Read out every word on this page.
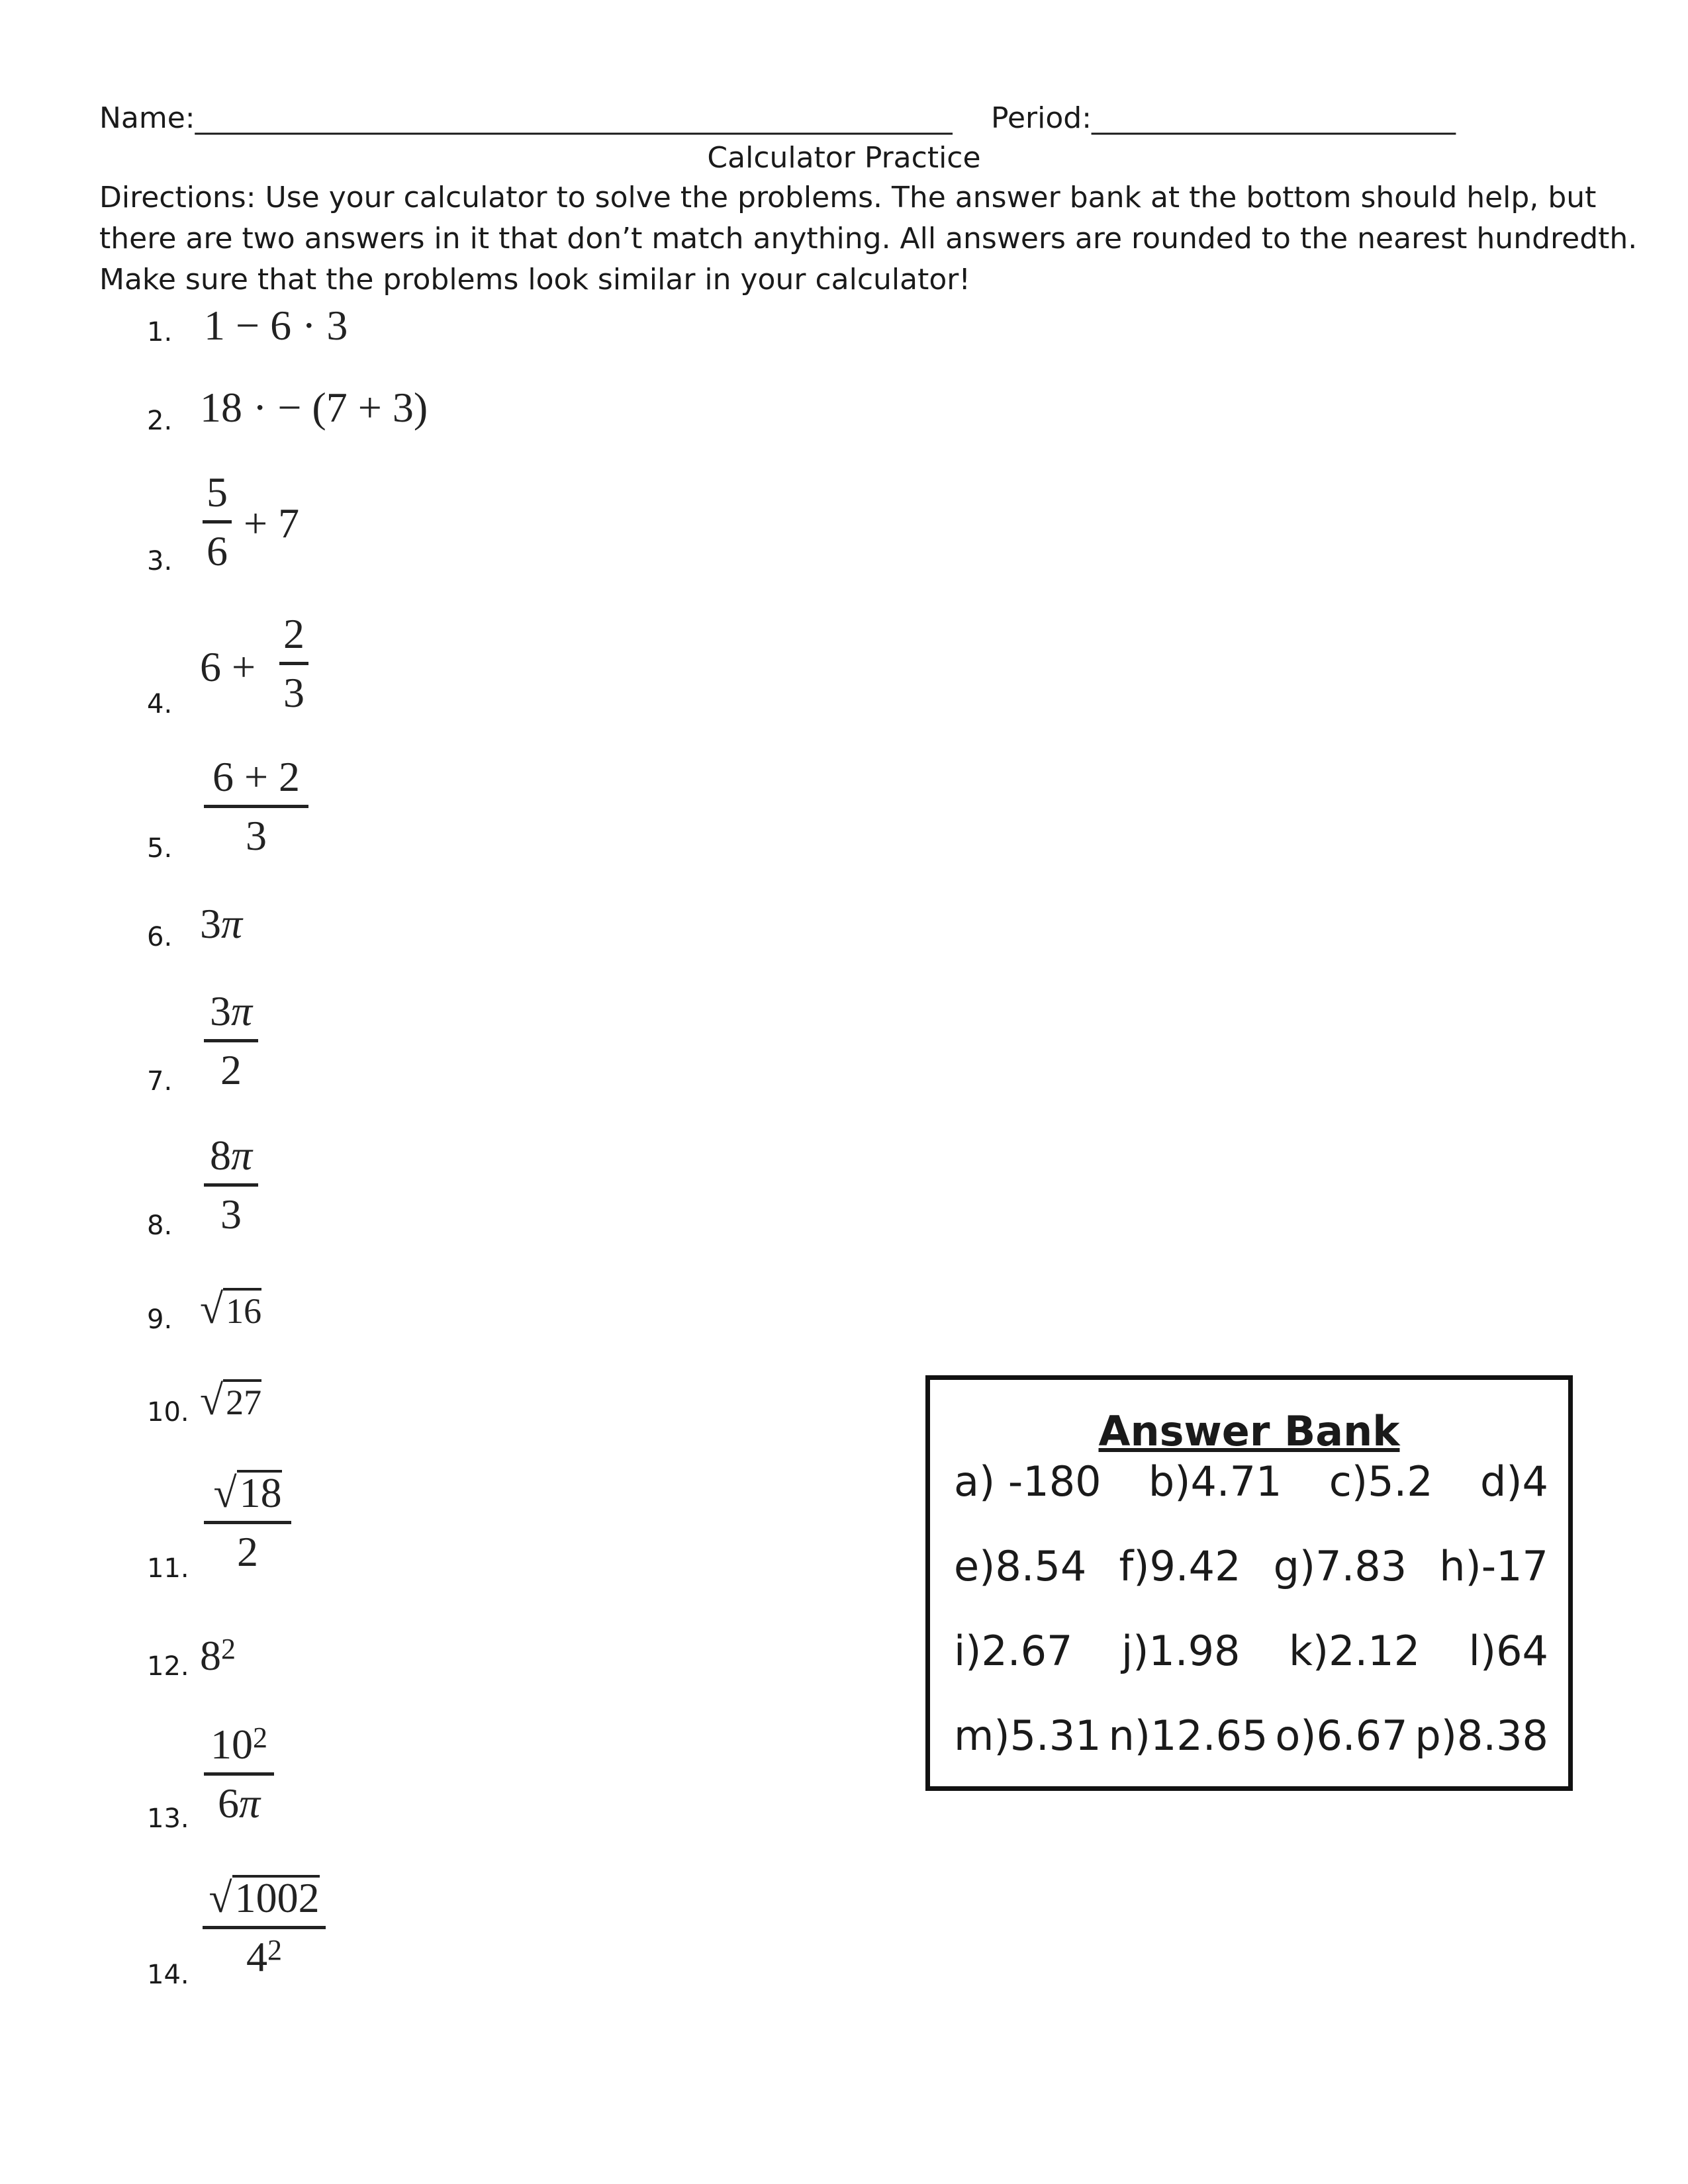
Name:____________________________________________________ Period:_________________________
Calculator Practice
Directions: Use your calculator to solve the problems. The answer bank at the bottom should help, but
there are two answers in it that don’t match anything. All answers are rounded to the nearest hundredth.
Make sure that the problems look similar in your calculator!
1. 1 − 6 · 3
2. 18 · − (7 + 3)
3.
5
6
+ 7
4.
6 +
2
3
5.
6 + 2
3
6. 3π
7.
3π
2
8.
8π
3
9. √16
10. √27
11.
√18
2
12. $8^2$
13.
$10^2$
6π
14.
√1002
$4^2$
Answer Bank
a) -180 b)4.71 c)5.2 d)4
e)8.54 f)9.42 g)7.83 h)-17
i)2.67 j)1.98 k)2.12 l)64
m)5.31 n)12.65 o)6.67 p)8.38
